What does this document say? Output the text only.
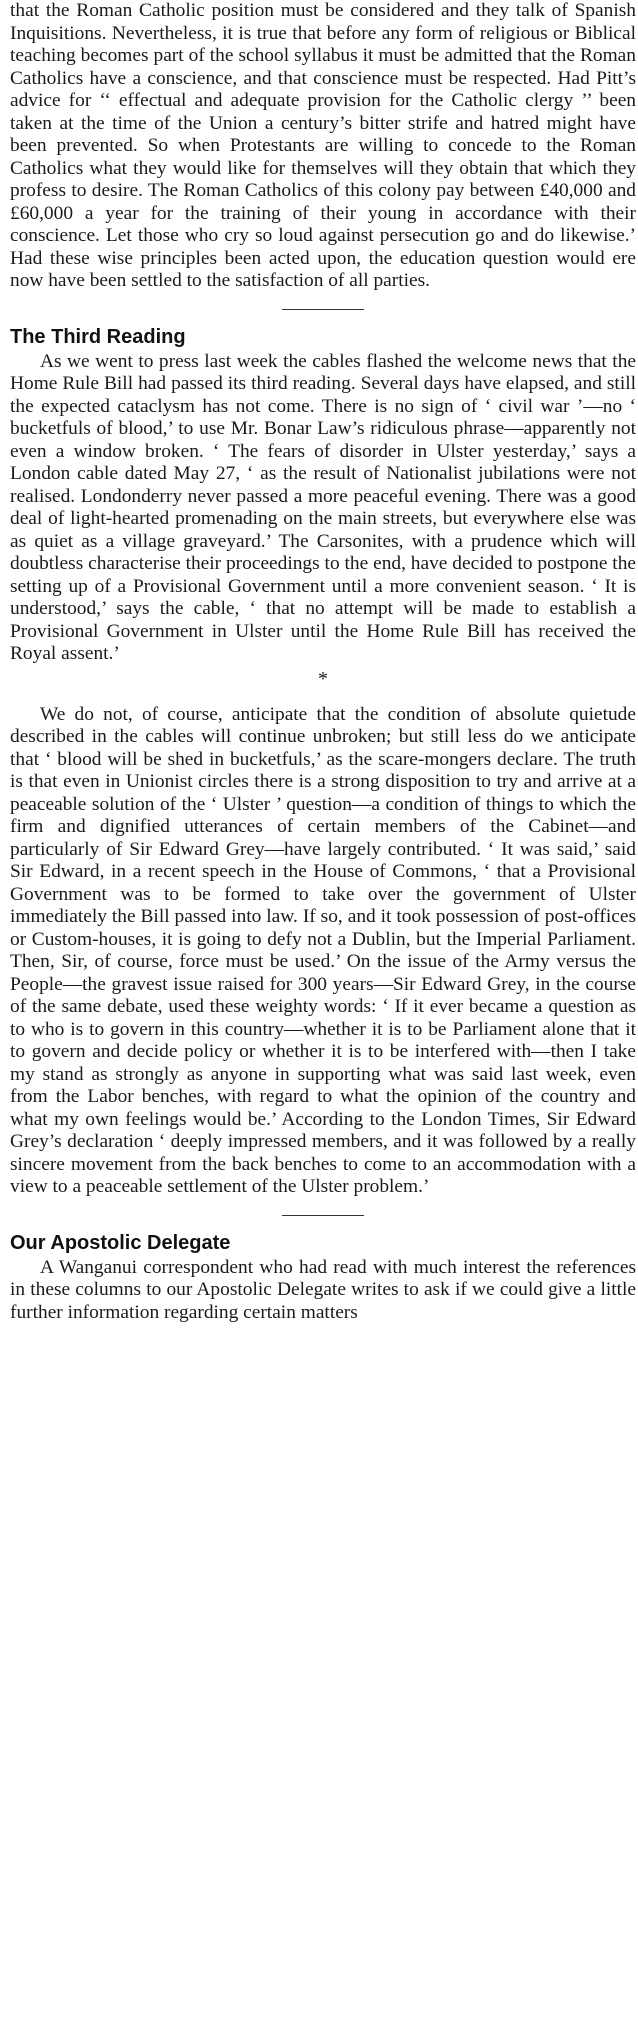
that the Roman Catholic position must be considered and they talk of Spanish Inquisitions. Nevertheless, it is true that before any form of religious or Biblical teaching becomes part of the school syllabus it must be admitted that the Roman Catholics have a conscience, and that conscience must be respected. Had Pitt’s advice for ‘‘ effectual and adequate provision for the Catholic clergy ’’ been taken at the time of the Union a century’s bitter strife and hatred might have been prevented. So when Protestants are willing to concede to the Roman Catholics what they would like for themselves will they obtain that which they profess to desire. The Roman Catholics of this colony pay between £40,000 and £60,000 a year for the training of their young in accordance with their conscience. Let those who cry so loud against persecution go and do likewise.’ Had these wise principles been acted upon, the education question would ere now have been settled to the satisfaction of all parties.

The Third Reading

As we went to press last week the cables flashed the welcome news that the Home Rule Bill had passed its third reading. Several days have elapsed, and still the expected cataclysm has not come. There is no sign of ‘ civil war ’—no ‘ bucketfuls of blood,’ to use Mr. Bonar Law’s ridiculous phrase—apparently not even a window broken. ‘ The fears of disorder in Ulster yesterday,’ says a London cable dated May 27, ‘ as the result of Nationalist jubilations were not realised. Londonderry never passed a more peaceful evening. There was a good deal of light-hearted promenading on the main streets, but everywhere else was as quiet as a village graveyard.’ The Carsonites, with a prudence which will doubtless characterise their proceedings to the end, have decided to postpone the setting up of a Provisional Government until a more convenient season. ‘ It is understood,’ says the cable, ‘ that no attempt will be made to establish a Provisional Government in Ulster until the Home Rule Bill has received the Royal assent.’

*

We do not, of course, anticipate that the condition of absolute quietude described in the cables will continue unbroken; but still less do we anticipate that ‘ blood will be shed in bucketfuls,’ as the scare-mongers declare. The truth is that even in Unionist circles there is a strong disposition to try and arrive at a peaceable solution of the ‘ Ulster ’ question—a condition of things to which the firm and dignified utterances of certain members of the Cabinet—and particularly of Sir Edward Grey—have largely contributed. ‘ It was said,’ said Sir Edward, in a recent speech in the House of Commons, ‘ that a Provisional Government was to be formed to take over the government of Ulster immediately the Bill passed into law. If so, and it took possession of post-offices or Custom-houses, it is going to defy not a Dublin, but the Imperial Parliament. Then, Sir, of course, force must be used.’ On the issue of the Army versus the People—the gravest issue raised for 300 years—Sir Edward Grey, in the course of the same debate, used these weighty words: ‘ If it ever became a question as to who is to govern in this country—whether it is to be Parliament alone that it to govern and decide policy or whether it is to be interfered with—then I take my stand as strongly as anyone in supporting what was said last week, even from the Labor benches, with regard to what the opinion of the country and what my own feelings would be.’ According to the London Times, Sir Edward Grey’s declaration ‘ deeply impressed members, and it was followed by a really sincere movement from the back benches to come to an accommodation with a view to a peaceable settlement of the Ulster problem.’

Our Apostolic Delegate

A Wanganui correspondent who had read with much interest the references in these columns to our Apostolic Delegate writes to ask if we could give a little further information regarding certain matters
